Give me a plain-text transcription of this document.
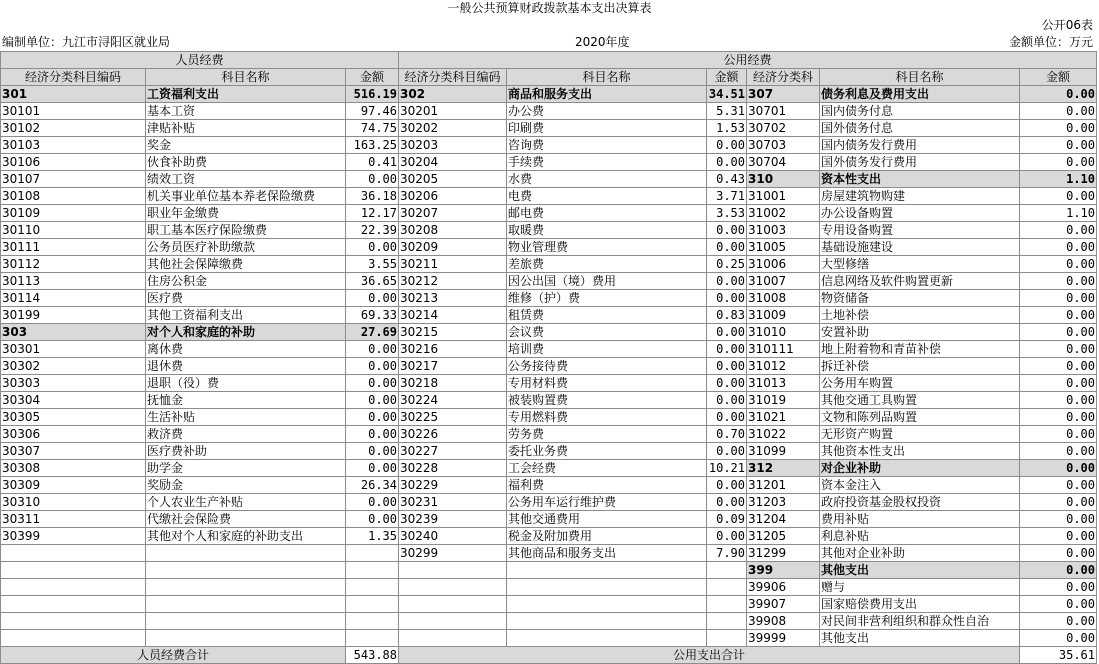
一般公共预算财政拨款基本支出决算表
公开06表
编制单位：九江市浔阳区就业局	2020年度	金额单位：万元
人员经费			公用经费					
经济分类科目编码	科目名称	金额	经济分类科目编码	科目名称	金额	经济分类科	科目名称	金额
301	工资福利支出	516.19	302	商品和服务支出	34.51	307	债务利息及费用支出	0.00
30101	基本工资	97.46	30201	办公费	5.31	30701	国内债务付息	0.00
30102	津贴补贴	74.75	30202	印刷费	1.53	30702	国外债务付息	0.00
30103	奖金	163.25	30203	咨询费	0.00	30703	国内债务发行费用	0.00
30106	伙食补助费	0.41	30204	手续费	0.00	30704	国外债务发行费用	0.00
30107	绩效工资	0.00	30205	水费	0.43	310	资本性支出	1.10
30108	机关事业单位基本养老保险缴费	36.18	30206	电费	3.71	31001	房屋建筑物购建	0.00
30109	职业年金缴费	12.17	30207	邮电费	3.53	31002	办公设备购置	1.10
30110	职工基本医疗保险缴费	22.39	30208	取暖费	0.00	31003	专用设备购置	0.00
30111	公务员医疗补助缴款	0.00	30209	物业管理费	0.00	31005	基础设施建设	0.00
30112	其他社会保障缴费	3.55	30211	差旅费	0.25	31006	大型修缮	0.00
30113	住房公积金	36.65	30212	因公出国（境）费用	0.00	31007	信息网络及软件购置更新	0.00
30114	医疗费	0.00	30213	维修（护）费	0.00	31008	物资储备	0.00
30199	其他工资福利支出	69.33	30214	租赁费	0.83	31009	土地补偿	0.00
303	对个人和家庭的补助	27.69	30215	会议费	0.00	31010	安置补助	0.00
30301	离休费	0.00	30216	培训费	0.00	310111	地上附着物和青苗补偿	0.00
30302	退休费	0.00	30217	公务接待费	0.00	31012	拆迁补偿	0.00
30303	退职（役）费	0.00	30218	专用材料费	0.00	31013	公务用车购置	0.00
30304	抚恤金	0.00	30224	被装购置费	0.00	31019	其他交通工具购置	0.00
30305	生活补贴	0.00	30225	专用燃料费	0.00	31021	文物和陈列品购置	0.00
30306	救济费	0.00	30226	劳务费	0.70	31022	无形资产购置	0.00
30307	医疗费补助	0.00	30227	委托业务费	0.00	31099	其他资本性支出	0.00
30308	助学金	0.00	30228	工会经费	10.21	312	对企业补助	0.00
30309	奖励金	26.34	30229	福利费	0.00	31201	资本金注入	0.00
30310	个人农业生产补贴	0.00	30231	公务用车运行维护费	0.00	31203	政府投资基金股权投资	0.00
30311	代缴社会保险费	0.00	30239	其他交通费用	0.09	31204	费用补贴	0.00
30399	其他对个人和家庭的补助支出	1.35	30240	税金及附加费用	0.00	31205	利息补贴	0.00
			30299	其他商品和服务支出	7.90	31299	其他对企业补助	0.00
						399	其他支出	0.00
						39906	赠与	0.00
						39907	国家赔偿费用支出	0.00
						39908	对民间非营利组织和群众性自治	0.00
						39999	其他支出	0.00
人员经费合计		543.88	公用支出合计					35.61
